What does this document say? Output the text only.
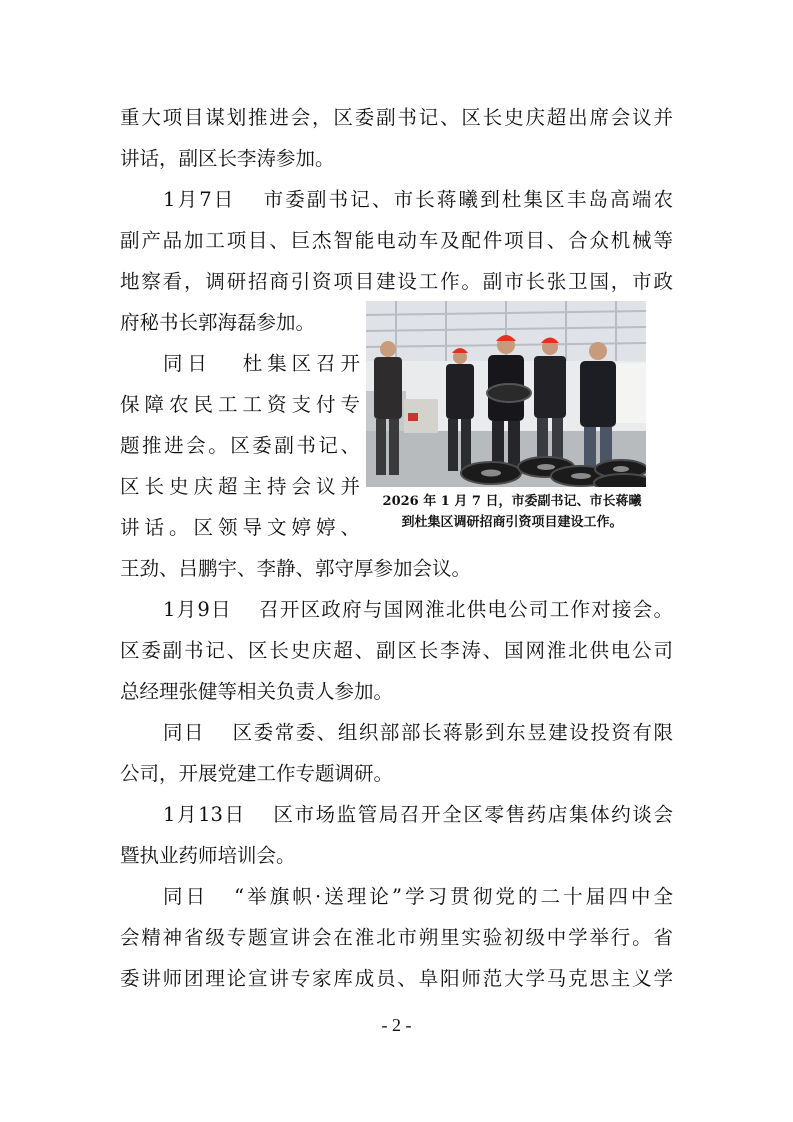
重大项目谋划推进会，区委副书记、区长史庆超出席会议并
讲话，副区长李涛参加。
1月7日 市委副书记、市长蒋曦到杜集区丰岛高端农
副产品加工项目、巨杰智能电动车及配件项目、合众机械等
地察看，调研招商引资项目建设工作。副市长张卫国，市政
府秘书长郭海磊参加。
同日 杜集区召开
保障农民工工资支付专
题推进会。区委副书记、
区长史庆超主持会议并
讲话。区领导文婷婷、
王劲、吕鹏宇、李静、郭守厚参加会议。
1月9日 召开区政府与国网淮北供电公司工作对接会。
区委副书记、区长史庆超、副区长李涛、国网淮北供电公司
总经理张健等相关负责人参加。
同日 区委常委、组织部部长蒋影到东昱建设投资有限
公司，开展党建工作专题调研。
1月13日 区市场监管局召开全区零售药店集体约谈会
暨执业药师培训会。
同日 “举旗帜·送理论”学习贯彻党的二十届四中全
会精神省级专题宣讲会在淮北市朔里实验初级中学举行。省
委讲师团理论宣讲专家库成员、阜阳师范大学马克思主义学
2026 年 1 月 7 日，市委副书记、市长蒋曦
到杜集区调研招商引资项目建设工作。
- 2 -
